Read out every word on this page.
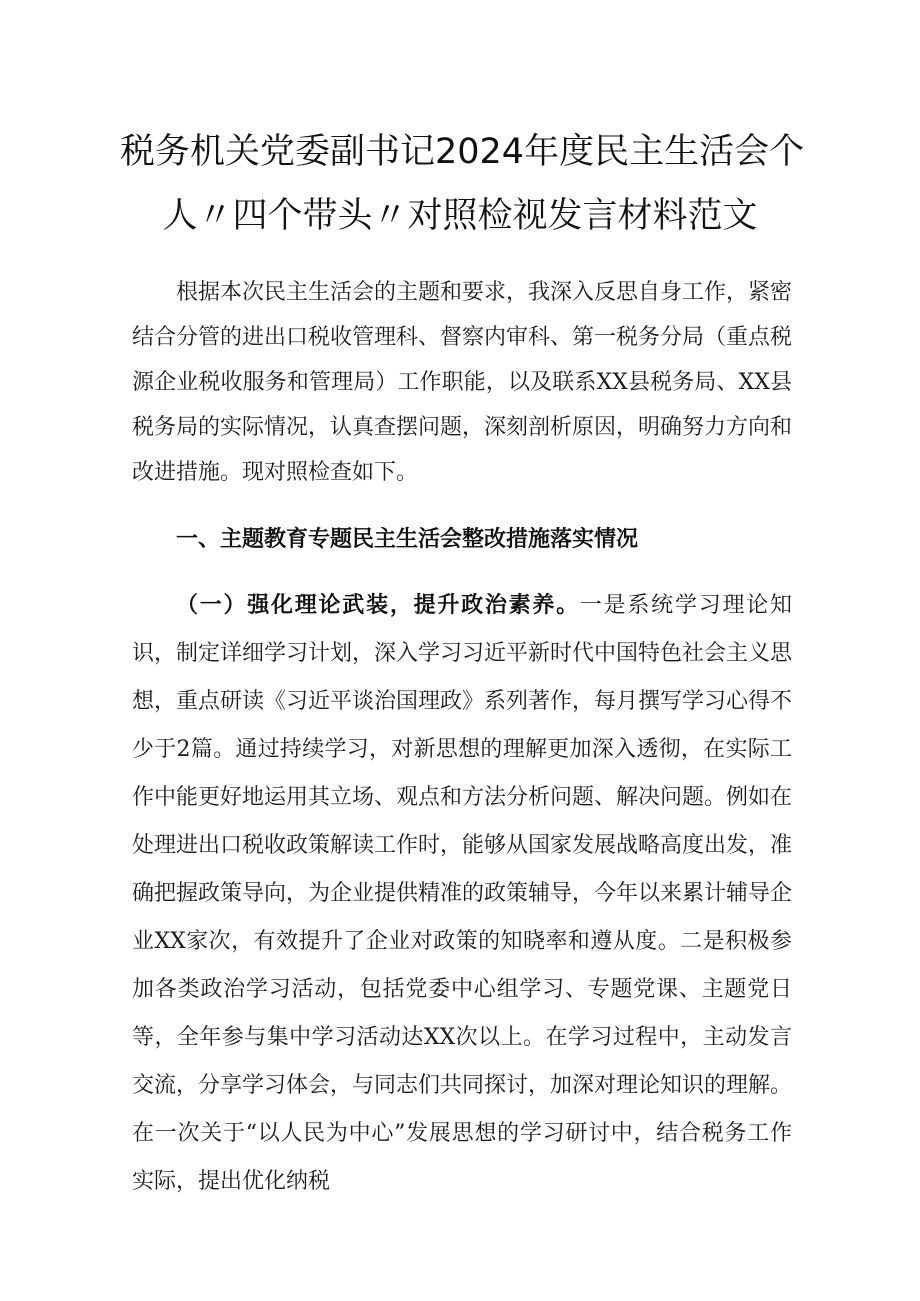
税务机关党委副书记2024年度民主生活会个
人〃四个带头〃对照检视发言材料范文
根据本次民主生活会的主题和要求，我深入反思自身工作，紧密结合分管的进出口税收管理科、督察内审科、第一税务分局（重点税源企业税收服务和管理局）工作职能，以及联系XX县税务局、XX县税务局的实际情况，认真查摆问题，深刻剖析原因，明确努力方向和改进措施。现对照检查如下。
一、主题教育专题民主生活会整改措施落实情况
（一）强化理论武装，提升政治素养。一是系统学习理论知识，制定详细学习计划，深入学习习近平新时代中国特色社会主义思想，重点研读《习近平谈治国理政》系列著作，每月撰写学习心得不少于2篇。通过持续学习，对新思想的理解更加深入透彻，在实际工作中能更好地运用其立场、观点和方法分析问题、解决问题。例如在处理进出口税收政策解读工作时，能够从国家发展战略高度出发，准确把握政策导向，为企业提供精准的政策辅导，今年以来累计辅导企业XX家次，有效提升了企业对政策的知晓率和遵从度。二是积极参加各类政治学习活动，包括党委中心组学习、专题党课、主题党日等，全年参与集中学习活动达XX次以上。在学习过程中，主动发言交流，分享学习体会，与同志们共同探讨，加深对理论知识的理解。在一次关于“以人民为中心”发展思想的学习研讨中，结合税务工作实际，提出优化纳税
